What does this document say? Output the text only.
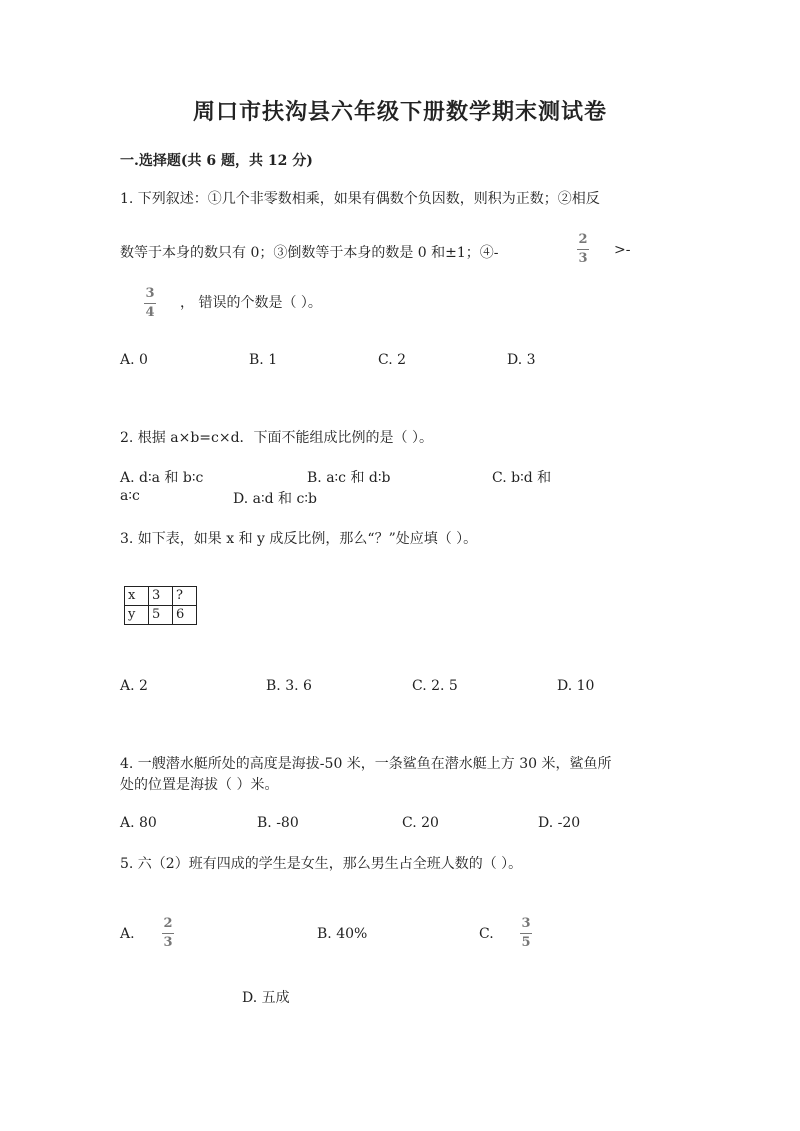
周口市扶沟县六年级下册数学期末测试卷
一.选择题(共 6 题，共 12 分)
1. 下列叙述：①几个非零数相乘，如果有偶数个负因数，则积为正数；②相反
数等于本身的数只有 0；③倒数等于本身的数是 0 和±1；④-
2
3
>-
3
4
， 错误的个数是（ ）。
A. 0	B. 1	C. 2	D. 3
2. 根据 a×b=c×d．下面不能组成比例的是（ ）。
A. d∶a 和 b∶c	B. a∶c 和 d∶b	C. b∶d 和
a∶c	D. a∶d 和 c∶b
3. 如下表，如果 x 和 y 成反比例，那么“？”处应填（ ）。
x	3	?
y	5	6
A. 2	B. 3. 6	C. 2. 5	D. 10
4. 一艘潜水艇所处的高度是海拔-50 米，一条鲨鱼在潜水艇上方 30 米，鲨鱼所
处的位置是海拔（ ）米。
A. 80	B. -80	C. 20	D. -20
5. 六（2）班有四成的学生是女生，那么男生占全班人数的（ ）。
A.
2
3
B. 40%	C.
3
5
D. 五成
